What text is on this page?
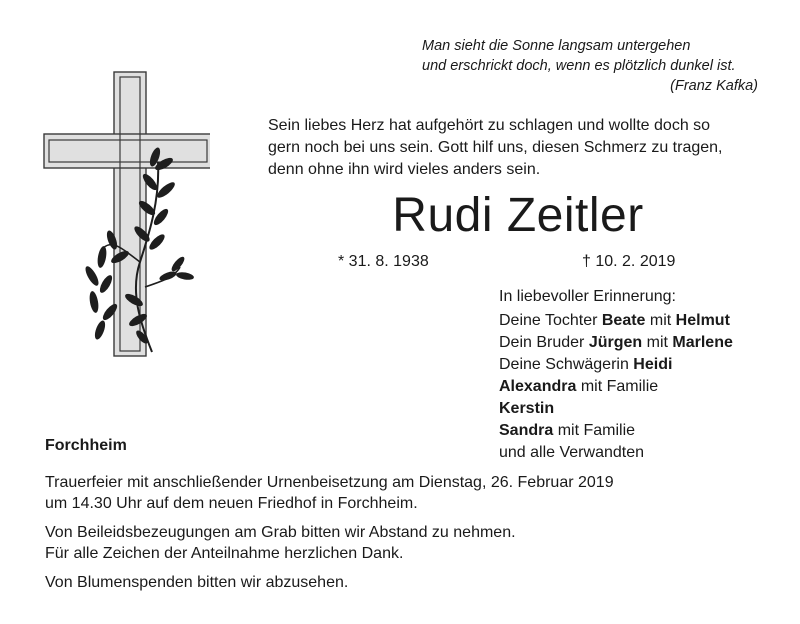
Man sieht die Sonne langsam untergehen
und erschrickt doch, wenn es plötzlich dunkel ist.
(Franz Kafka)
Sein liebes Herz hat aufgehört zu schlagen und wollte doch so
gern noch bei uns sein. Gott hilf uns, diesen Schmerz zu tragen,
denn ohne ihn wird vieles anders sein.
Rudi Zeitler
* 31. 8. 1938	† 10. 2. 2019
In liebevoller Erinnerung:
Deine Tochter Beate mit Helmut
Dein Bruder Jürgen mit Marlene
Deine Schwägerin Heidi
Alexandra mit Familie
Kerstin
Sandra mit Familie
und alle Verwandten
Forchheim

Trauerfeier mit anschließender Urnenbeisetzung am Dienstag, 26. Februar 2019
um 14.30 Uhr auf dem neuen Friedhof in Forchheim.

Von Beileidsbezeugungen am Grab bitten wir Abstand zu nehmen.
Für alle Zeichen der Anteilnahme herzlichen Dank.

Von Blumenspenden bitten wir abzusehen.
